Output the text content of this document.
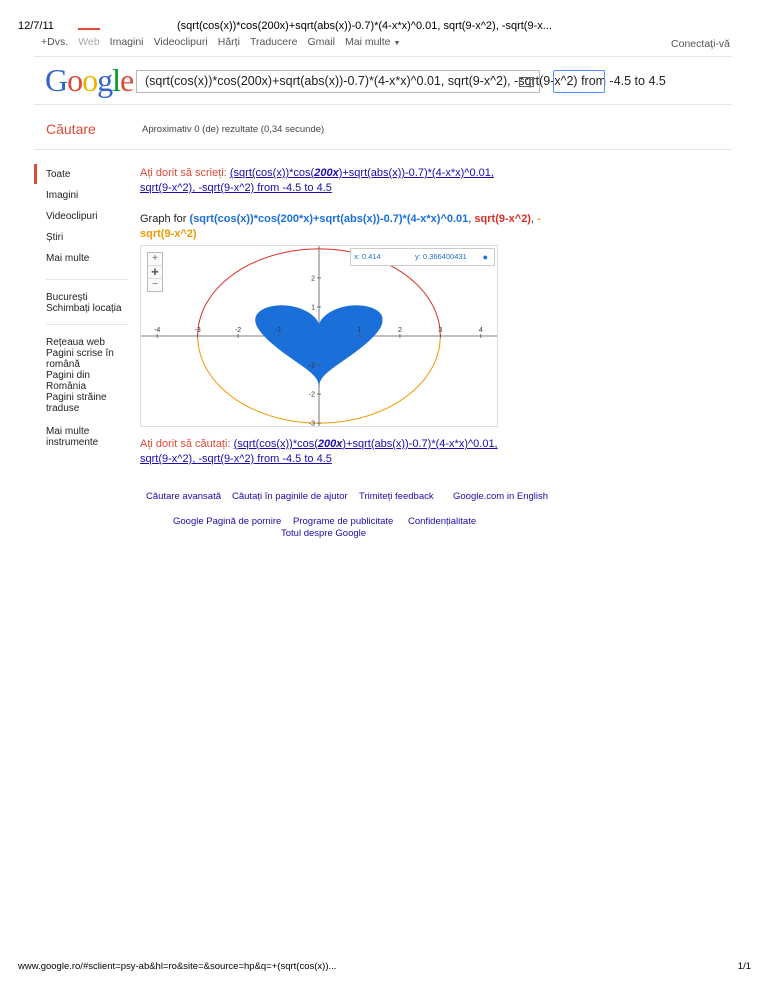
12/7/11	(sqrt(cos(x))*cos(200x)+sqrt(abs(x))-0.7)*(4-x*x)^0.01, sqrt(9-x^2), -sqrt(9-x...
+Dvs. Web Imagini Videoclipuri Hărți Traducere Gmail Mai multe ▼	Conectați-vă
Google (sqrt(cos(x))*cos(200x)+sqrt(abs(x))-0.7)*(4-x*x)^0.01, sqrt(9-x^2), -sqrt(9-x^2) from -4.5 to 4.5
Căutare	Aproximativ 0 (de) rezultate (0,34 secunde)
Toate
Imagini
Videoclipuri
Știri
Mai multe
București
Schimbați locația
Rețeaua web
Pagini scrise în română
Pagini din România
Pagini străine traduse
Mai multe instrumente
Ați dorit să scrieți: (sqrt(cos(x))*cos(200x)+sqrt(abs(x))-0.7)*(4-x*x)^0.01,
sqrt(9-x^2), -sqrt(9-x^2) from -4.5 to 4.5
Graph for (sqrt(cos(x))*cos(200*x)+sqrt(abs(x))-0.7)*(4-x*x)^0.01, sqrt(9-x^2), -sqrt(9-x^2)
-4	-3	-2	-1	1	2	3	4
2
1
-1
-2
-3
+
✚
−
x: 0.414	y: 0.366400431 ●
Ați dorit să căutați: (sqrt(cos(x))*cos(200x)+sqrt(abs(x))-0.7)*(4-x*x)^0.01,
sqrt(9-x^2), -sqrt(9-x^2) from -4.5 to 4.5
Căutare avansată Căutați în paginile de ajutor Trimiteți feedback Google.com in English
Google Pagină de pornire Programe de publicitate Confidențialitate
Totul despre Google
www.google.ro/#sclient=psy-ab&hl=ro&site=&source=hp&q=+(sqrt(cos(x))...	1/1
